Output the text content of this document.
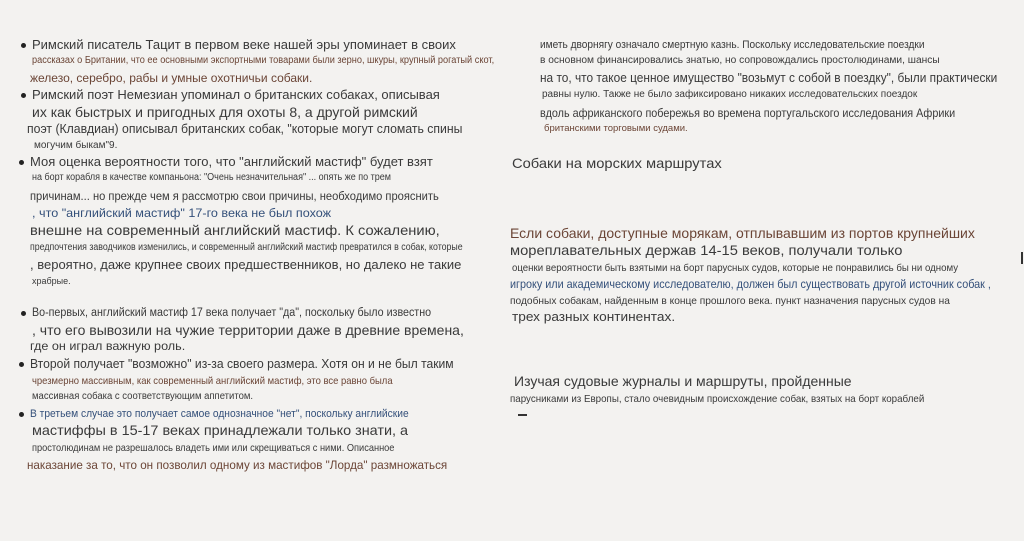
Римский писатель Тацит в первом веке нашей эры упоминает в своих
рассказах о Британии, что ее основными экспортными товарами были зерно, шкуры, крупный рогатый скот,
железо, серебро, рабы и умные охотничьи собаки.
Римский поэт Немезиан упоминал о британских собаках, описывая
их как быстрых и пригодных для охоты 8, а другой римский
поэт (Клавдиан) описывал британских собак, "которые могут сломать спины
могучим быкам"9.
Моя оценка вероятности того, что "английский мастиф" будет взят
на борт корабля в качестве компаньона: "Очень незначительная" ... опять же по трем
причинам... но прежде чем я рассмотрю свои причины, необходимо прояснить
, что "английский мастиф" 17-го века не был похож
внешне на современный английский мастиф. К сожалению,
предпочтения заводчиков изменились, и современный английский мастиф превратился в собак, которые
, вероятно, даже крупнее своих предшественников, но далеко не такие
храбрые.
Во-первых, английский мастиф 17 века получает "да", поскольку было известно
, что его вывозили на чужие территории даже в древние времена,
где он играл важную роль.
Второй получает "возможно" из-за своего размера. Хотя он и не был таким
чрезмерно массивным, как современный английский мастиф, это все равно была
массивная собака с соответствующим аппетитом.
В третьем случае это получает самое однозначное "нет", поскольку английские
мастиффы в 15-17 веках принадлежали только знати, а
простолюдинам не разрешалось владеть ими или скрещиваться с ними. Описанное
наказание за то, что он позволил одному из мастифов "Лорда" размножаться
иметь дворнягу означало смертную казнь. Поскольку исследовательские поездки
в основном финансировались знатью, но сопровождались простолюдинами, шансы
на то, что такое ценное имущество "возьмут с собой в поездку", были практически
равны нулю. Также не было зафиксировано никаких исследовательских поездок
вдоль африканского побережья во времена португальского исследования Африки
британскими торговыми судами.
Собаки на морских маршрутах
Если собаки, доступные морякам, отплывавшим из портов крупнейших
мореплавательных держав 14-15 веков, получали только
оценки вероятности быть взятыми на борт парусных судов, которые не понравились бы ни одному
игроку или академическому исследователю, должен был существовать другой источник собак ,
подобных собакам, найденным в конце прошлого века. пункт назначения парусных судов на
трех разных континентах.
Изучая судовые журналы и маршруты, пройденные
парусниками из Европы, стало очевидным происхождение собак, взятых на борт кораблей
